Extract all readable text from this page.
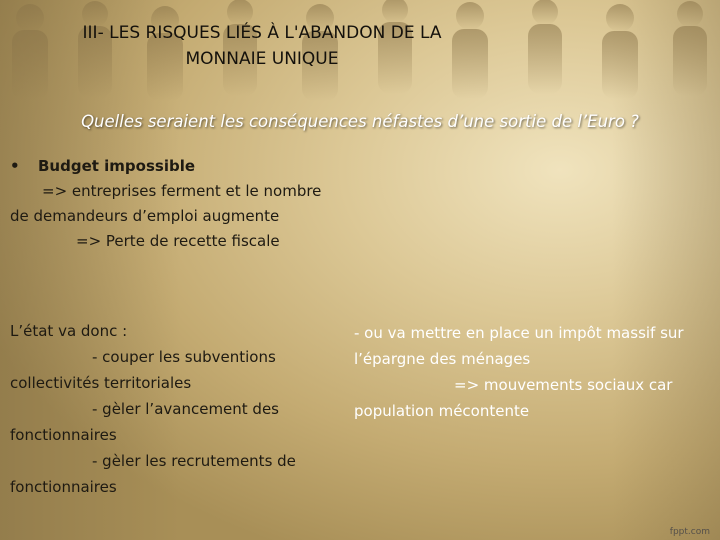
III- LES RISQUES LIÉS À L'ABANDON DE LA
MONNAIE UNIQUE
Quelles seraient les conséquences néfastes d’une sortie de l’Euro ?
• Budget impossible
=> entreprises ferment et le nombre
de demandeurs d’emploi augmente
=> Perte de recette fiscale
L’état va donc :
- couper les subventions
collectivités territoriales
- gèler l’avancement des
fonctionnaires
- gèler les recrutements de
fonctionnaires
- ou va mettre en place un impôt massif sur
l’épargne des ménages
=> mouvements sociaux car
population mécontente
fppt.com
